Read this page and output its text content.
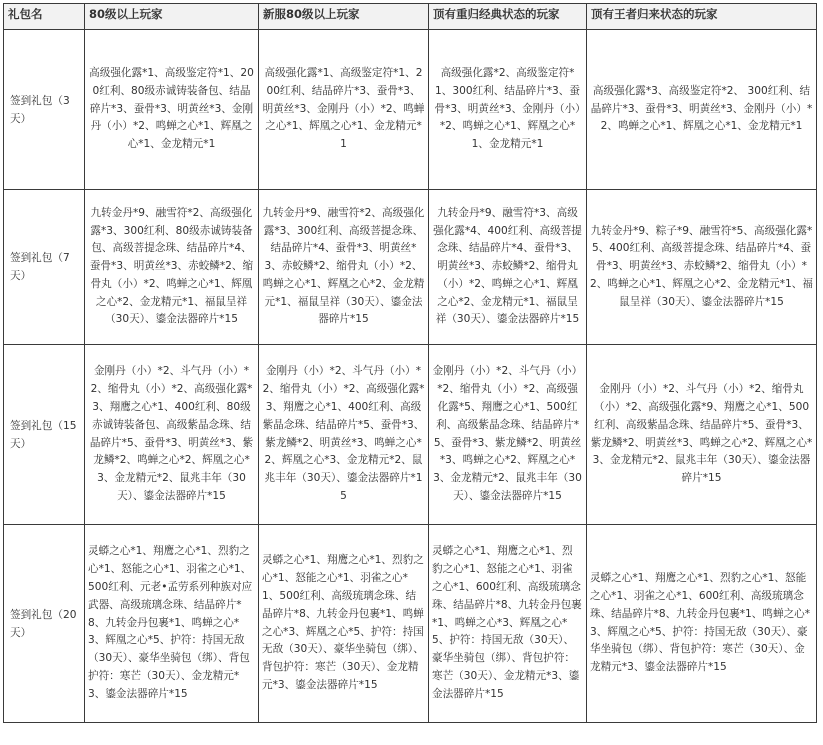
礼包名	80级以上玩家	新服80级以上玩家	顶有重归经典状态的玩家	顶有王者归来状态的玩家
签到礼包（3天）	高级强化露*1、高级鉴定符*1、200红利、80级赤诚铸装备包、结晶碎片*3、蚕骨*3、明黄丝*3、金刚丹（小）*2、鸣蝉之心*1、辉凰之心*1、金龙精元*1	高级强化露*1、高级鉴定符*1、200红利、结晶碎片*3、蚕骨*3、明黄丝*3、金刚丹（小）*2、鸣蝉之心*1、辉凰之心*1、金龙精元*1	高级强化露*2、高级鉴定符*1、300红利、结晶碎片*3、蚕骨*3、明黄丝*3、金刚丹（小）*2、鸣蝉之心*1、辉凰之心*1、金龙精元*1	高级强化露*3、高级鉴定符*2、 300红利、结晶碎片*3、蚕骨*3、明黄丝*3、金刚丹（小）*2、鸣蝉之心*1、辉凰之心*1、金龙精元*1
签到礼包（7天）	九转金丹*9、融雪符*2、高级强化露*3、300红利、80级赤诚铸装备包、高级菩提念珠、结晶碎片*4、蚕骨*3、明黄丝*3、赤蛟鳞*2、缩骨丸（小）*2、鸣蝉之心*1、辉凰之心*2、金龙精元*1、福鼠呈祥（30天）、鎏金法器碎片*15	九转金丹*9、融雪符*2、高级强化露*3、300红利、高级菩提念珠、结晶碎片*4、蚕骨*3、明黄丝*3、赤蛟鳞*2、缩骨丸（小）*2、鸣蝉之心*1、辉凰之心*2、金龙精元*1、福鼠呈祥（30天）、鎏金法器碎片*15	九转金丹*9、融雪符*3、高级强化露*4、400红利、高级菩提念珠、结晶碎片*4、蚕骨*3、明黄丝*3、赤蛟鳞*2、缩骨丸（小）*2、鸣蝉之心*1、辉凰之心*2、金龙精元*1、福鼠呈祥（30天）、鎏金法器碎片*15	九转金丹*9、粽子*9、融雪符*5、高级强化露*5、400红利、高级菩提念珠、结晶碎片*4、蚕骨*3、明黄丝*3、赤蛟鳞*2、缩骨丸（小）*2、鸣蝉之心*1、辉凰之心*2、金龙精元*1、福鼠呈祥（30天）、鎏金法器碎片*15
签到礼包（15天）	金刚丹（小）*2、斗气丹（小）*2、缩骨丸（小）*2、高级强化露*3、翔鹰之心*1、400红利、80级赤诚铸装备包、高级紫晶念珠、结晶碎片*5、蚕骨*3、明黄丝*3、紫龙鳞*2、鸣蝉之心*2、辉凰之心*3、金龙精元*2、鼠兆丰年（30天）、鎏金法器碎片*15	金刚丹（小）*2、斗气丹（小）*2、缩骨丸（小）*2、高级强化露*3、翔鹰之心*1、400红利、高级紫晶念珠、结晶碎片*5、蚕骨*3、紫龙鳞*2、明黄丝*3、鸣蝉之心*2、辉凰之心*3、金龙精元*2、鼠兆丰年（30天）、鎏金法器碎片*15	金刚丹（小）*2、斗气丹（小）*2、缩骨丸（小）*2、高级强化露*5、翔鹰之心*1、500红利、高级紫晶念珠、结晶碎片*5、蚕骨*3、紫龙鳞*2、明黄丝*3、鸣蝉之心*2、辉凰之心*3、金龙精元*2、鼠兆丰年（30天）、鎏金法器碎片*15	金刚丹（小）*2、斗气丹（小）*2、缩骨丸（小）*2、高级强化露*9、翔鹰之心*1、500红利、高级紫晶念珠、结晶碎片*5、蚕骨*3、紫龙鳞*2、明黄丝*3、鸣蝉之心*2、辉凰之心*3、金龙精元*2、鼠兆丰年（30天）、鎏金法器碎片*15
签到礼包（20天）	灵蟒之心*1、翔鹰之心*1、烈豹之心*1、怒能之心*1、羽雀之心*1、500红利、元老•孟劳系列种族对应武器、高级琉璃念珠、结晶碎片*8、九转金丹包裹*1、鸣蝉之心*3、辉凰之心*5、护符：持国无敌（30天）、豪华坐骑包（绑）、背包护符：寒芒（30天）、金龙精元*3、鎏金法器碎片*15	灵蟒之心*1、翔鹰之心*1、烈豹之心*1、怒能之心*1、羽雀之心*1、500红利、高级琉璃念珠、结晶碎片*8、九转金丹包裹*1、鸣蝉之心*3、辉凰之心*5、护符：持国无敌（30天）、豪华坐骑包（绑）、背包护符：寒芒（30天）、金龙精元*3、鎏金法器碎片*15	灵蟒之心*1、翔鹰之心*1、烈豹之心*1、怒能之心*1、羽雀之心*1、600红利、高级琉璃念珠、结晶碎片*8、九转金丹包裹*1、鸣蝉之心*3、辉凰之心*5、护符：持国无敌（30天）、豪华坐骑包（绑）、背包护符：寒芒（30天）、金龙精元*3、鎏金法器碎片*15	灵蟒之心*1、翔鹰之心*1、烈豹之心*1、怒能之心*1、羽雀之心*1、600红利、高级琉璃念珠、结晶碎片*8、九转金丹包裹*1、鸣蝉之心*3、辉凰之心*5、护符：持国无敌（30天）、豪华坐骑包（绑）、背包护符：寒芒（30天）、金龙精元*3、鎏金法器碎片*15
